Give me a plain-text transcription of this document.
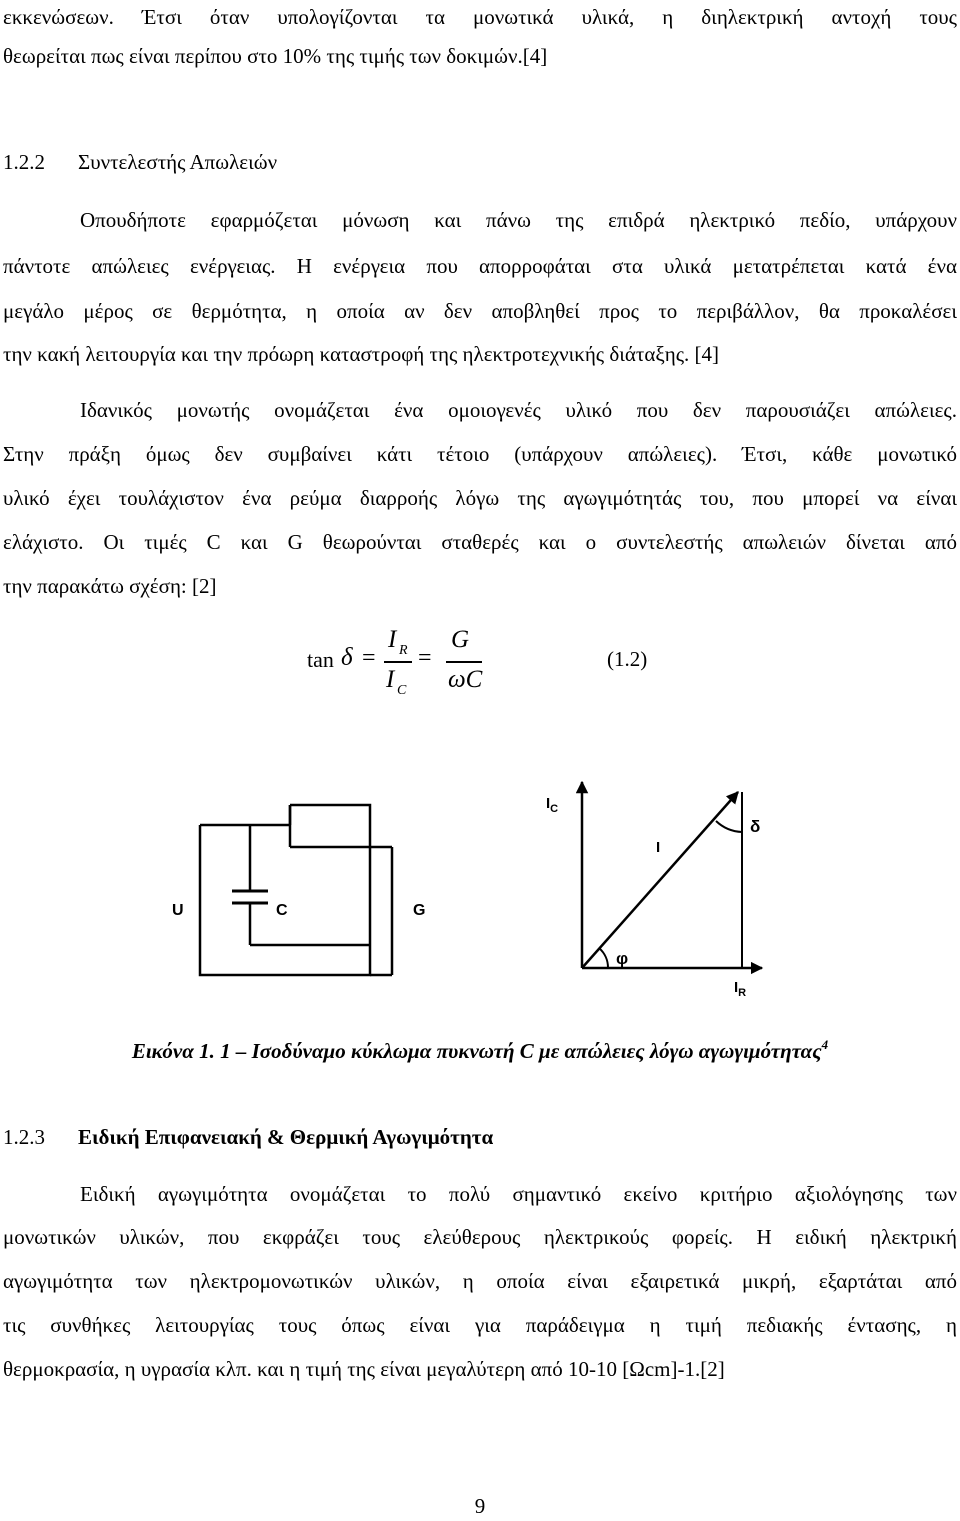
εκκενώσεων. Έτσι όταν υπολογίζονται τα μονωτικά υλικά, η διηλεκτρική αντοχή τους
θεωρείται πως είναι περίπου στο 10% της τιμής των δοκιμών.[4]
1.2.2 Συντελεστής Απωλειών
Οπουδήποτε εφαρμόζεται μόνωση και πάνω της επιδρά ηλεκτρικό πεδίο, υπάρχουν
πάντοτε απώλειες ενέργειας. Η ενέργεια που απορροφάται στα υλικά μετατρέπεται κατά ένα
μεγάλο μέρος σε θερμότητα, η οποία αν δεν αποβληθεί προς το περιβάλλον, θα προκαλέσει
την κακή λειτουργία και την πρόωρη καταστροφή της ηλεκτροτεχνικής διάταξης. [4]
Ιδανικός μονωτής ονομάζεται ένα ομοιογενές υλικό που δεν παρουσιάζει απώλειες.
Στην πράξη όμως δεν συμβαίνει κάτι τέτοιο (υπάρχουν απώλειες). Έτσι, κάθε μονωτικό
υλικό έχει τουλάχιστον ένα ρεύμα διαρροής λόγω της αγωγιμότητάς του, που μπορεί να είναι
ελάχιστο. Οι τιμές C και G θεωρούνται σταθερές και ο συντελεστής απωλειών δίνεται από
την παρακάτω σχέση: [2]
tan δ =
I R
I C
=
G
ωC
(1.2)
U	C	G
$I_C$
I
δ
φ
$I_R$
Εικόνα 1. 1 – Ισοδύναμο κύκλωμα πυκνωτή C με απώλειες λόγω αγωγιμότητας$^4$
1.2.3 Ειδική Επιφανειακή & Θερμική Αγωγιμότητα
Ειδική αγωγιμότητα ονομάζεται το πολύ σημαντικό εκείνο κριτήριο αξιολόγησης των
μονωτικών υλικών, που εκφράζει τους ελεύθερους ηλεκτρικούς φορείς. Η ειδική ηλεκτρική
αγωγιμότητα των ηλεκτρομονωτικών υλικών, η οποία είναι εξαιρετικά μικρή, εξαρτάται από
τις συνθήκες λειτουργίας τους όπως είναι για παράδειγμα η τιμή πεδιακής έντασης, η
θερμοκρασία, η υγρασία κλπ. και η τιμή της είναι μεγαλύτερη από 10-10 [Ωcm]-1.[2]
9
